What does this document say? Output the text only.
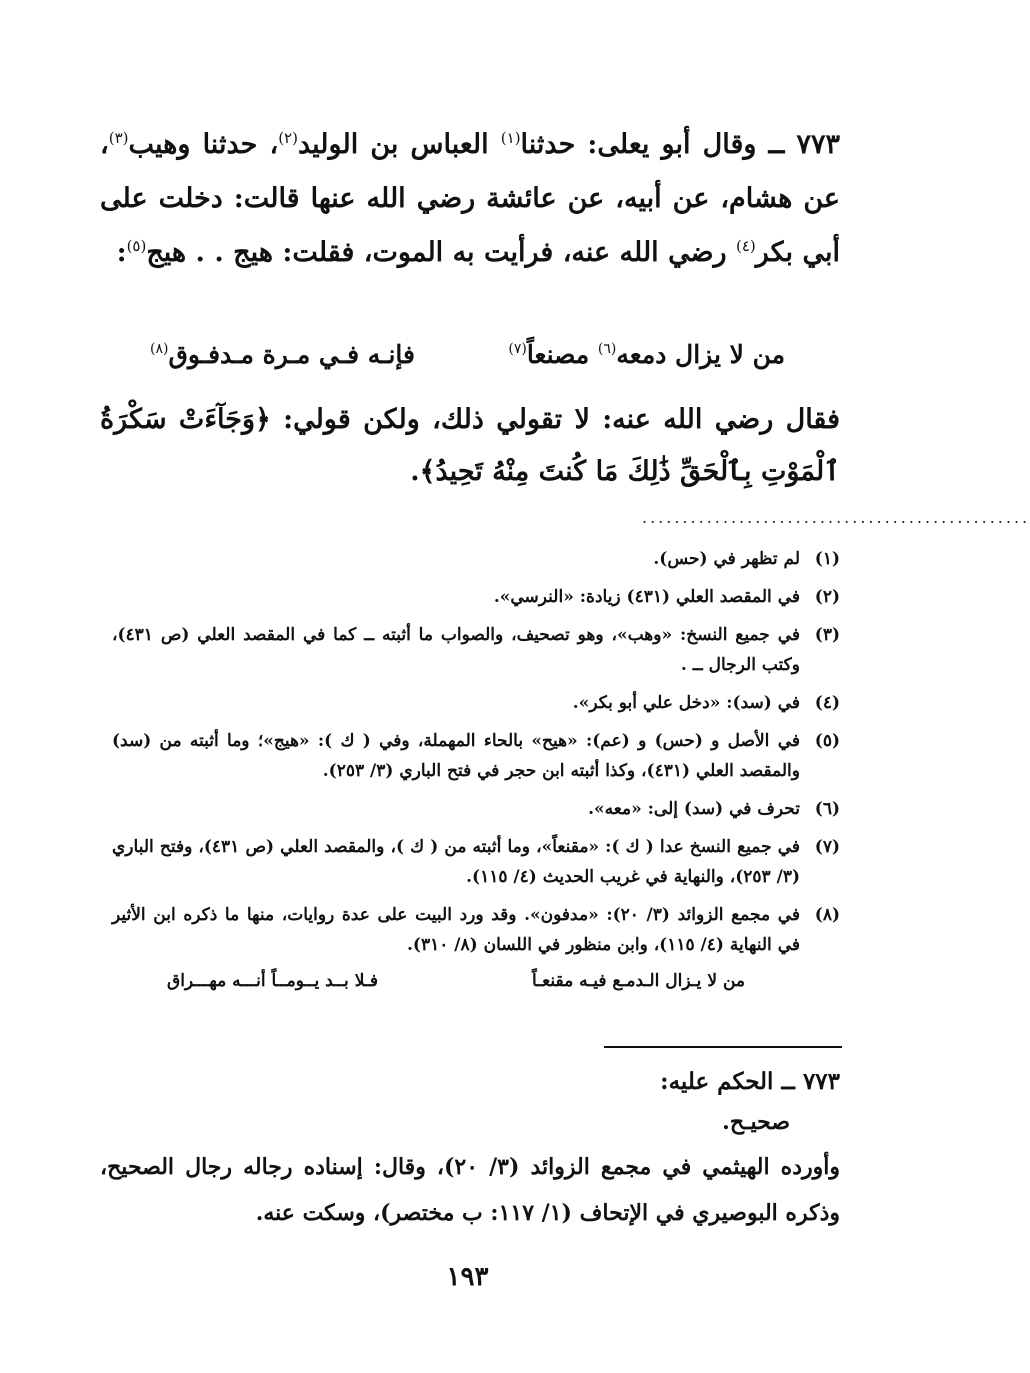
٧٧٣ ــ وقال أبو يعلى: حدثنا$^{(١)}$ العباس بن الوليد$^{(٢)}$، حدثنا وهيب$^{(٣)}$، عن هشام، عن أبيه، عن عائشة رضي الله عنها قالت: دخلت على أبي بكر$^{(٤)}$ رضي الله عنه، فرأيت به الموت، فقلت: هيج . . هيج$^{(٥)}$:
من لا يزال دمعه$^{(٦)}$ مصنعاً$^{(٧)}$
فإنـه فـي مـرة مـدفـوق$^{(٨)}$
فقال رضي الله عنه: لا تقولي ذلك، ولكن قولي: ﴿وَجَآءَتْ سَكْرَةُ ٱلْمَوْتِ بِٱلْحَقِّ ذَٰلِكَ مَا كُنتَ مِنْهُ تَحِيدُ﴾.
................................................
(١)
لم تظهر في (حس).
(٢)
في المقصد العلي (٤٣١) زيادة: «النرسي».
(٣)
في جميع النسخ: «وهب»، وهو تصحيف، والصواب ما أثبته ــ كما في المقصد العلي (ص ٤٣١)، وكتب الرجال ــ .
(٤)
في (سد): «دخل علي أبو بكر».
(٥)
في الأصل و (حس) و (عم): «هيح» بالحاء المهملة، وفي ( ك ): «هيج»؛ وما أثبته من (سد) والمقصد العلي (٤٣١)، وكذا أثبته ابن حجر في فتح الباري (٣/ ٢٥٣).
(٦)
تحرف في (سد) إلى: «معه».
(٧)
في جميع النسخ عدا ( ك ): «مقنعاً»، وما أثبته من ( ك )، والمقصد العلي (ص ٤٣١)، وفتح الباري (٣/ ٢٥٣)، والنهاية في غريب الحديث (٤/ ١١٥).
(٨)
في مجمع الزوائد (٣/ ٢٠): «مدفون». وقد ورد البيت على عدة روايات، منها ما ذكره ابن الأثير في النهاية (٤/ ١١٥)، وابن منظور في اللسان (٨/ ٣١٠).
من لا يـزال الـدمـع فيـه مقنعـاً
فـلا بــد يــومــاً أنـــه مهـــراق
٧٧٣ ــ الحكم عليه:
صحيـح.
وأورده الهيثمي في مجمع الزوائد (٣/ ٢٠)، وقال: إسناده رجاله رجال الصحيح، وذكره البوصيري في الإتحاف (١/ ١١٧: ب مختصر)، وسكت عنه.
١٩٣
